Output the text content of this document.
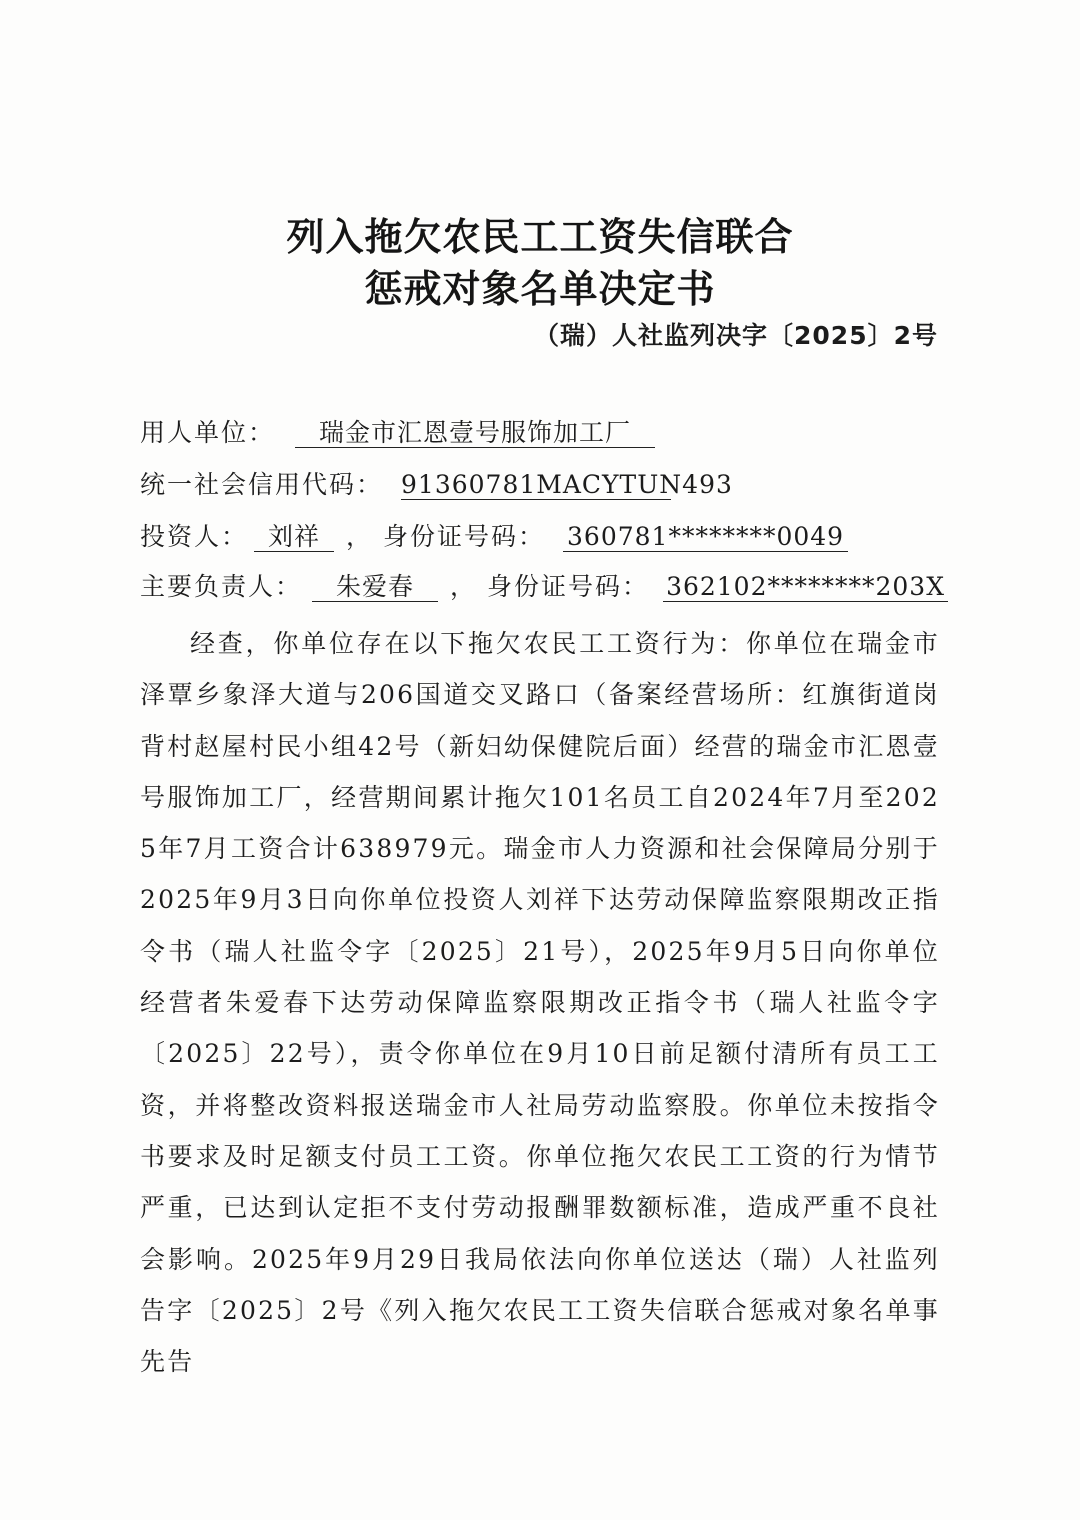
列入拖欠农民工工资失信联合
惩戒对象名单决定书
（瑞）人社监列决字〔2025〕2号
用人单位： 瑞金市汇恩壹号服饰加工厂
统一社会信用代码： 91360781MACYTUN493
投资人： 刘祥 ， 身份证号码： 360781********0049
主要负责人： 朱爱春 ， 身份证号码： 362102********203X

经查，你单位存在以下拖欠农民工工资行为：你单位在瑞金市泽覃乡象泽大道与206国道交叉路口（备案经营场所：红旗街道岗背村赵屋村民小组42号（新妇幼保健院后面）经营的瑞金市汇恩壹号服饰加工厂，经营期间累计拖欠101名员工自2024年7月至2025年7月工资合计638979元。瑞金市人力资源和社会保障局分别于2025年9月3日向你单位投资人刘祥下达劳动保障监察限期改正指令书（瑞人社监令字〔2025〕21号），2025年9月5日向你单位经营者朱爱春下达劳动保障监察限期改正指令书（瑞人社监令字〔2025〕22号），责令你单位在9月10日前足额付清所有员工工资，并将整改资料报送瑞金市人社局劳动监察股。你单位未按指令书要求及时足额支付员工工资。你单位拖欠农民工工资的行为情节严重，已达到认定拒不支付劳动报酬罪数额标准，造成严重不良社会影响。2025年9月29日我局依法向你单位送达（瑞）人社监列告字〔2025〕2号《列入拖欠农民工工资失信联合惩戒对象名单事先告
